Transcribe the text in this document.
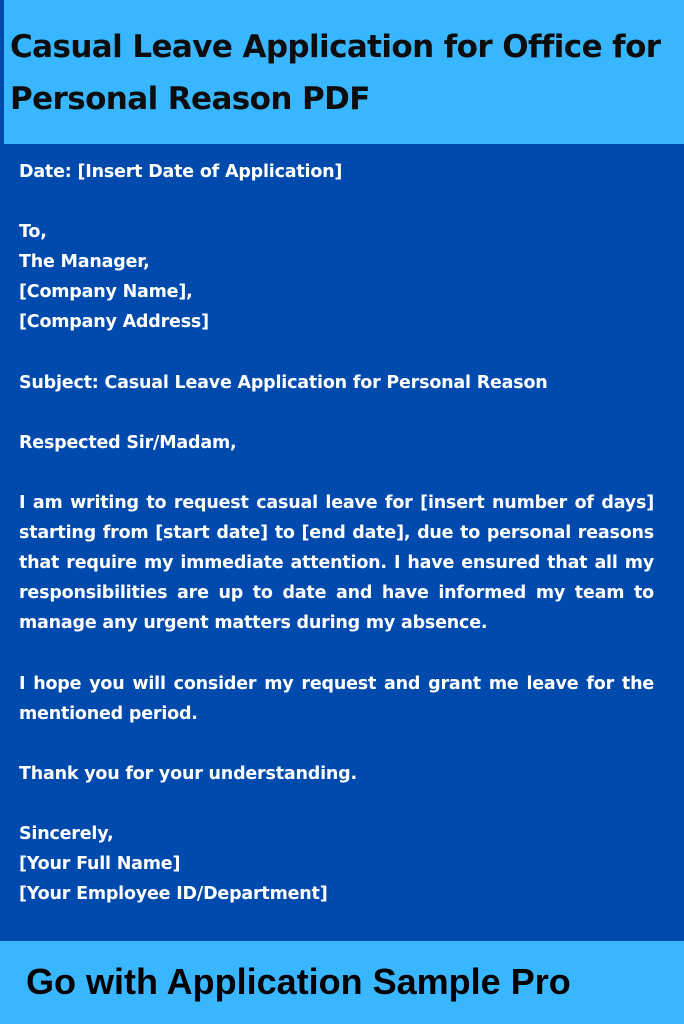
Casual Leave Application for Office for
Personal Reason PDF

Date: [Insert Date of Application]

To,
The Manager,
[Company Name],
[Company Address]

Subject: Casual Leave Application for Personal Reason

Respected Sir/Madam,

I am writing to request casual leave for [insert number of days] starting from [start date] to [end date], due to personal reasons that require my immediate attention. I have ensured that all my responsibilities are up to date and have informed my team to manage any urgent matters during my absence.

I hope you will consider my request and grant me leave for the mentioned period.

Thank you for your understanding.

Sincerely,
[Your Full Name]
[Your Employee ID/Department]

Go with Application Sample Pro
